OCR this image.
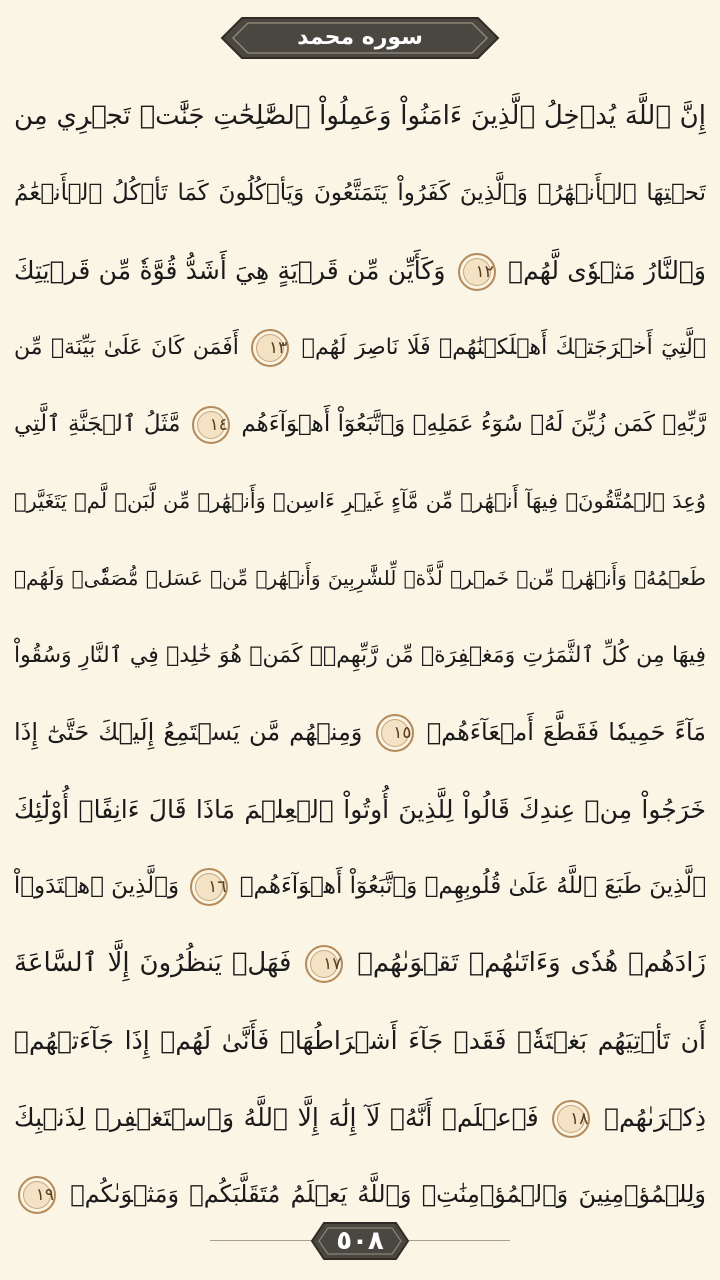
سوره محمد
إِنَّ ٱللَّهَ يُدۡخِلُ ٱلَّذِينَ ءَامَنُواْ وَعَمِلُواْ ٱلصَّٰلِحَٰتِ جَنَّٰتٖ تَجۡرِي مِن
تَحۡتِهَا ٱلۡأَنۡهَٰرُۖ وَٱلَّذِينَ كَفَرُواْ يَتَمَتَّعُونَ وَيَأۡكُلُونَ كَمَا تَأۡكُلُ ٱلۡأَنۡعَٰمُ
وَٱلنَّارُ مَثۡوٗى لَّهُمۡ ١٢ وَكَأَيِّن مِّن قَرۡيَةٍ هِيَ أَشَدُّ قُوَّةٗ مِّن قَرۡيَتِكَ
ٱلَّتِيٓ أَخۡرَجَتۡكَ أَهۡلَكۡنَٰهُمۡ فَلَا نَاصِرَ لَهُمۡ ١٣ أَفَمَن كَانَ عَلَىٰ بَيِّنَةٖ مِّن
رَّبِّهِۦ كَمَن زُيِّنَ لَهُۥ سُوٓءُ عَمَلِهِۦ وَٱتَّبَعُوٓاْ أَهۡوَآءَهُم ١٤ مَّثَلُ ٱلۡجَنَّةِ ٱلَّتِي
وُعِدَ ٱلۡمُتَّقُونَۖ فِيهَآ أَنۡهَٰرٞ مِّن مَّآءٍ غَيۡرِ ءَاسِنٖ وَأَنۡهَٰرٞ مِّن لَّبَنٖ لَّمۡ يَتَغَيَّرۡ
طَعۡمُهُۥ وَأَنۡهَٰرٞ مِّنۡ خَمۡرٖ لَّذَّةٖ لِّلشَّٰرِبِينَ وَأَنۡهَٰرٞ مِّنۡ عَسَلٖ مُّصَفّٗىۖ وَلَهُمۡ
فِيهَا مِن كُلِّ ٱلثَّمَرَٰتِ وَمَغۡفِرَةٞ مِّن رَّبِّهِمۡۖ كَمَنۡ هُوَ خَٰلِدٞ فِي ٱلنَّارِ وَسُقُواْ
مَآءً حَمِيمٗا فَقَطَّعَ أَمۡعَآءَهُمۡ ١٥ وَمِنۡهُم مَّن يَسۡتَمِعُ إِلَيۡكَ حَتَّىٰٓ إِذَا
خَرَجُواْ مِنۡ عِندِكَ قَالُواْ لِلَّذِينَ أُوتُواْ ٱلۡعِلۡمَ مَاذَا قَالَ ءَانِفًاۚ أُوْلَٰٓئِكَ
ٱلَّذِينَ طَبَعَ ٱللَّهُ عَلَىٰ قُلُوبِهِمۡ وَٱتَّبَعُوٓاْ أَهۡوَآءَهُمۡ ١٦ وَٱلَّذِينَ ٱهۡتَدَوۡاْ
زَادَهُمۡ هُدٗى وَءَاتَىٰهُمۡ تَقۡوَىٰهُمۡ ١٧ فَهَلۡ يَنظُرُونَ إِلَّا ٱلسَّاعَةَ
أَن تَأۡتِيَهُم بَغۡتَةٗۖ فَقَدۡ جَآءَ أَشۡرَاطُهَاۚ فَأَنَّىٰ لَهُمۡ إِذَا جَآءَتۡهُمۡ
ذِكۡرَىٰهُمۡ ١٨ فَٱعۡلَمۡ أَنَّهُۥ لَآ إِلَٰهَ إِلَّا ٱللَّهُ وَٱسۡتَغۡفِرۡ لِذَنۢبِكَ
وَلِلۡمُؤۡمِنِينَ وَٱلۡمُؤۡمِنَٰتِۗ وَٱللَّهُ يَعۡلَمُ مُتَقَلَّبَكُمۡ وَمَثۡوَىٰكُمۡ ١٩
٥٠٨
